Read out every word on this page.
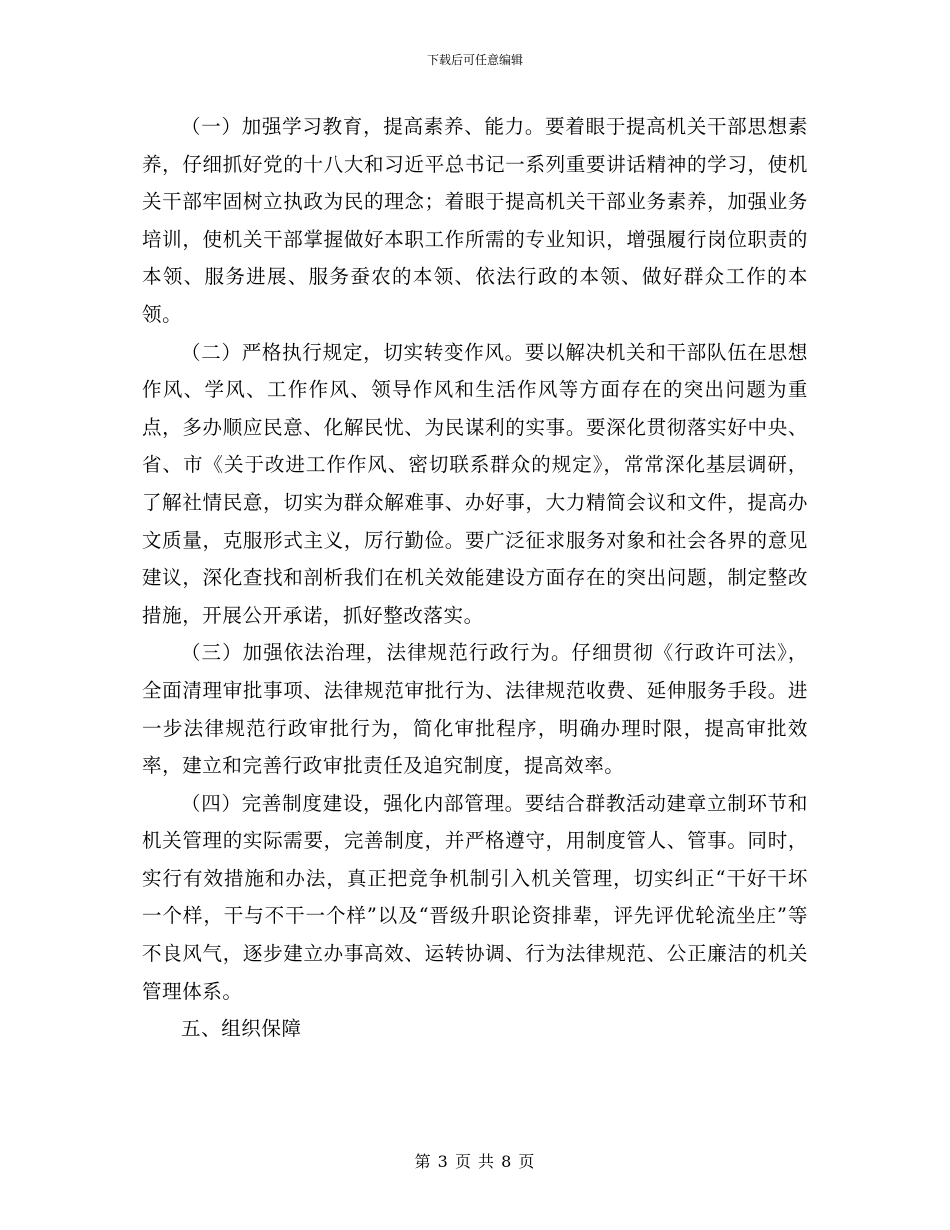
下载后可任意编辑

（一）加强学习教育，提高素养、能力。要着眼于提高机关干部思想素养，仔细抓好党的十八大和习近平总书记一系列重要讲话精神的学习，使机关干部牢固树立执政为民的理念；着眼于提高机关干部业务素养，加强业务培训，使机关干部掌握做好本职工作所需的专业知识，增强履行岗位职责的本领、服务进展、服务蚕农的本领、依法行政的本领、做好群众工作的本领。

（二）严格执行规定，切实转变作风。要以解决机关和干部队伍在思想作风、学风、工作作风、领导作风和生活作风等方面存在的突出问题为重点，多办顺应民意、化解民忧、为民谋利的实事。要深化贯彻落实好中央、省、市《关于改进工作作风、密切联系群众的规定》，常常深化基层调研，了解社情民意，切实为群众解难事、办好事，大力精简会议和文件，提高办文质量，克服形式主义，厉行勤俭。要广泛征求服务对象和社会各界的意见建议，深化查找和剖析我们在机关效能建设方面存在的突出问题，制定整改措施，开展公开承诺，抓好整改落实。

（三）加强依法治理，法律规范行政行为。仔细贯彻《行政许可法》，全面清理审批事项、法律规范审批行为、法律规范收费、延伸服务手段。进一步法律规范行政审批行为，简化审批程序，明确办理时限，提高审批效率，建立和完善行政审批责任及追究制度，提高效率。

（四）完善制度建设，强化内部管理。要结合群教活动建章立制环节和机关管理的实际需要，完善制度，并严格遵守，用制度管人、管事。同时，实行有效措施和办法，真正把竞争机制引入机关管理，切实纠正“干好干坏一个样，干与不干一个样”以及“晋级升职论资排辈，评先评优轮流坐庄”等不良风气，逐步建立办事高效、运转协调、行为法律规范、公正廉洁的机关管理体系。

五、组织保障

第 3 页 共 8 页
